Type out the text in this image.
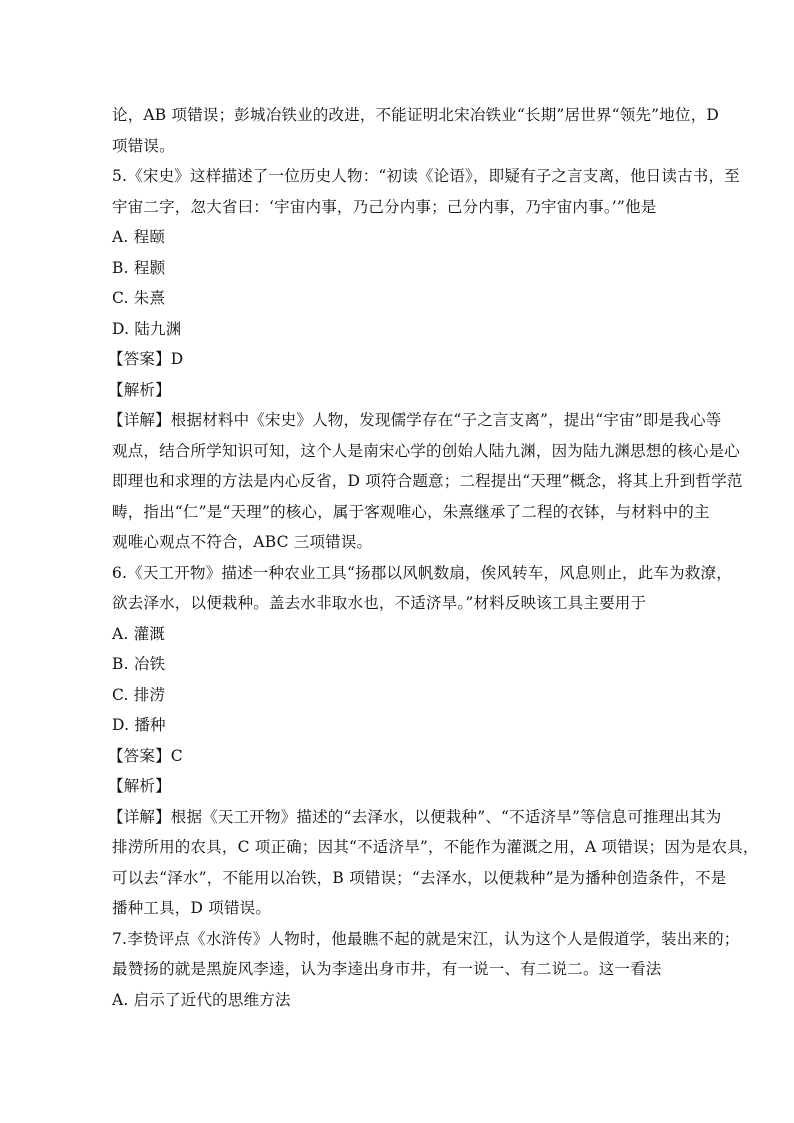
论，AB 项错误；彭城冶铁业的改进，不能证明北宋冶铁业“长期”居世界“领先”地位，D
项错误。
5.《宋史》这样描述了一位历史人物：“初读《论语》，即疑有子之言支离，他日读古书，至
宇宙二字，忽大省曰：‘宇宙内事，乃己分内事；己分内事，乃宇宙内事。’”他是
A. 程颐
B. 程颢
C. 朱熹
D. 陆九渊
【答案】D
【解析】
【详解】根据材料中《宋史》人物，发现儒学存在“子之言支离”，提出“宇宙”即是我心等
观点，结合所学知识可知，这个人是南宋心学的创始人陆九渊，因为陆九渊思想的核心是心
即理也和求理的方法是内心反省，D 项符合题意；二程提出“天理”概念，将其上升到哲学范
畴，指出“仁”是“天理”的核心，属于客观唯心，朱熹继承了二程的衣钵，与材料中的主
观唯心观点不符合，ABC 三项错误。
6.《天工开物》描述一种农业工具“扬郡以风帆数扇，俟风转车，风息则止，此车为救潦，
欲去泽水，以便栽种。盖去水非取水也，不适济旱。”材料反映该工具主要用于
A. 灌溉
B. 冶铁
C. 排涝
D. 播种
【答案】C
【解析】
【详解】根据《天工开物》描述的“去泽水，以便栽种”、“不适济旱”等信息可推理出其为
排涝所用的农具，C 项正确；因其“不适济旱”，不能作为灌溉之用，A 项错误；因为是农具，
可以去“泽水”，不能用以冶铁，B 项错误；“去泽水，以便栽种”是为播种创造条件，不是
播种工具，D 项错误。
7.李贽评点《水浒传》人物时，他最瞧不起的就是宋江，认为这个人是假道学，装出来的；
最赞扬的就是黑旋风李逵，认为李逵出身市井，有一说一、有二说二。这一看法
A. 启示了近代的思维方法
